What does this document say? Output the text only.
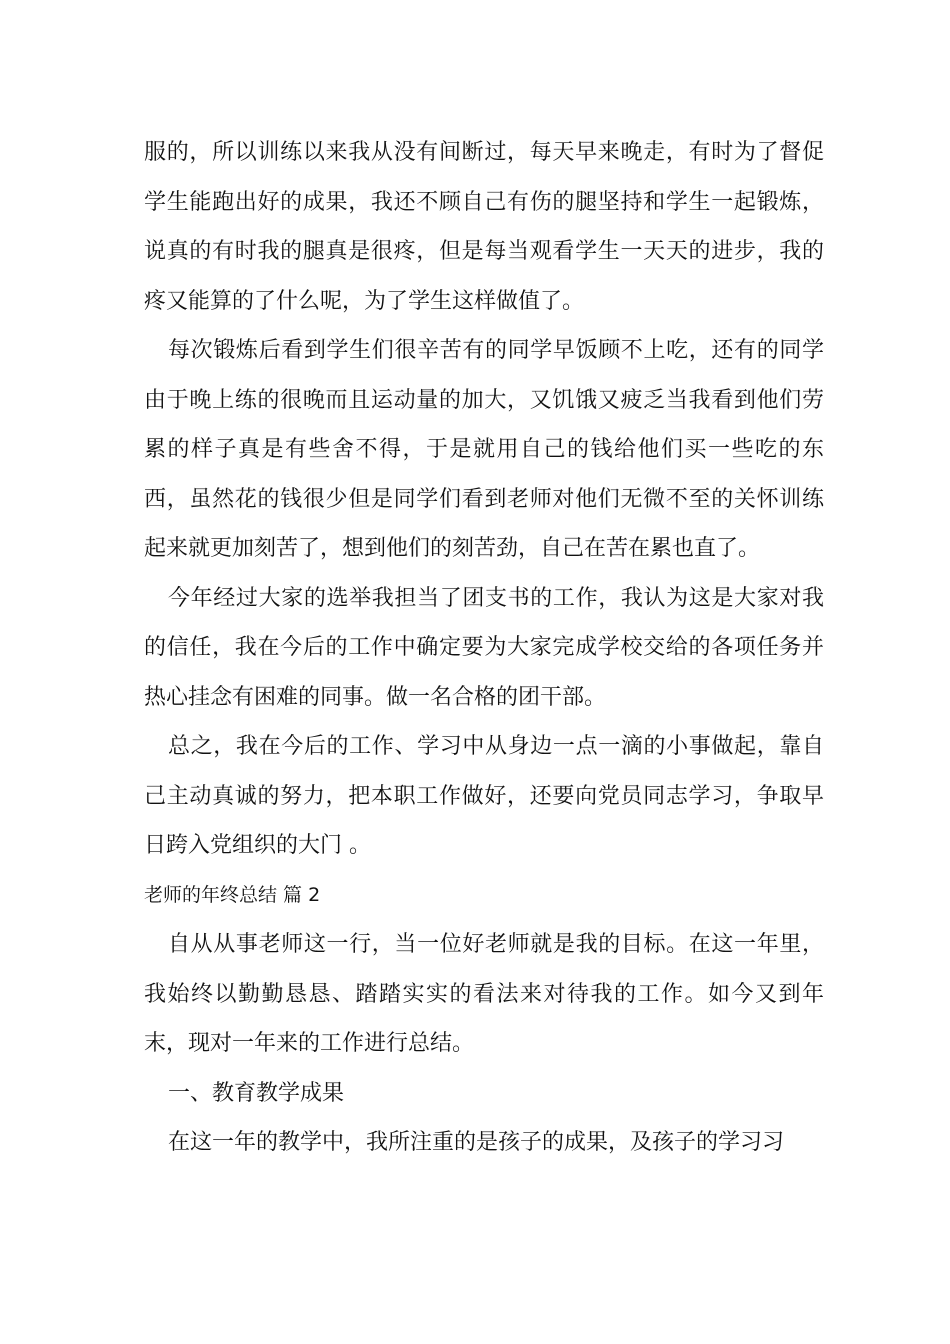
服的，所以训练以来我从没有间断过，每天早来晚走，有时为了督促学生能跑出好的成果，我还不顾自己有伤的腿坚持和学生一起锻炼，说真的有时我的腿真是很疼，但是每当观看学生一天天的进步，我的疼又能算的了什么呢，为了学生这样做值了。

每次锻炼后看到学生们很辛苦有的同学早饭顾不上吃，还有的同学由于晚上练的很晚而且运动量的加大，又饥饿又疲乏当我看到他们劳累的样子真是有些舍不得，于是就用自己的钱给他们买一些吃的东西，虽然花的钱很少但是同学们看到老师对他们无微不至的关怀训练起来就更加刻苦了，想到他们的刻苦劲，自己在苦在累也直了。

今年经过大家的选举我担当了团支书的工作，我认为这是大家对我的信任，我在今后的工作中确定要为大家完成学校交给的各项任务并热心挂念有困难的同事。做一名合格的团干部。

总之，我在今后的工作、学习中从身边一点一滴的小事做起，靠自己主动真诚的努力，把本职工作做好，还要向党员同志学习，争取早日跨入党组织的大门 。

老师的年终总结 篇 2

自从从事老师这一行，当一位好老师就是我的目标。在这一年里，我始终以勤勤恳恳、踏踏实实的看法来对待我的工作。如今又到年末，现对一年来的工作进行总结。

一、教育教学成果

在这一年的教学中，我所注重的是孩子的成果，及孩子的学习习
